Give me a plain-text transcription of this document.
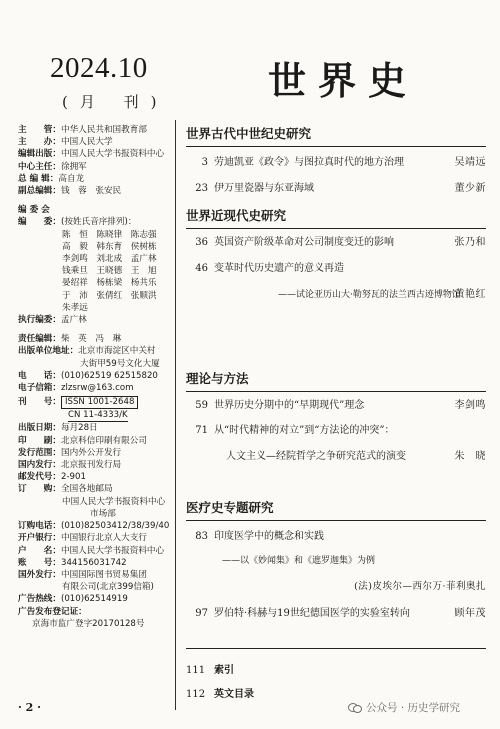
2024.10
(月 刊)	世界史
主　　管： 中华人民共和国教育部
主　　办： 中国人民大学
编辑出版： 中国人民大学书报资料中心
中心主任： 徐拥军
总 编 辑： 高自龙
副总编辑： 钱　蓉　张安民
编 委 会
编　　委： (按姓氏音序排列)：
陈　恒　陈晓律　陈志强
高　毅　韩东育　侯树栋
李剑鸣　刘北成　孟广林
钱乘旦　王晓德　王　旭
晏绍祥　杨栋梁　杨共乐
于　沛　张倩红　张顺洪
朱孝远
执行编委： 孟广林
责任编辑： 柴　英　冯　琳
出版单位地址： 北京市海淀区中关村
大街甲59号文化大厦
电　　话： (010)62519 62515820
电子信箱： zlzsrw@163.com
刊　　号： ISSN 1001-2648
CN 11-4333/K
出版日期： 每月28日
印　　刷： 北京科信印刷有限公司
发行范围： 国内外公开发行
国内发行： 北京报刊发行局
邮发代号： 2-901
订　　购： 全国各地邮局
中国人民大学书报资料中心
市场部
订购电话： (010)82503412/38/39/40
开户银行： 中国银行北京人大支行
户　　名： 中国人民大学书报资料中心
账　　号： 344156031742
国外发行： 中国国际图书贸易集团
有限公司(北京399信箱)
广告热线： (010)62514919
广告发布登记证：
京海市监广登字20170128号
世界古代中世纪史研究
3 劳迪凯亚《政令》与图拉真时代的地方治理	吴靖远
23 伊万里瓷器与东亚海域	董少新
世界近现代史研究
36 英国资产阶级革命对公司制度变迁的影响	张乃和
46 变革时代历史遗产的意义再造
——试论亚历山大·勒努瓦的法兰西古迹博物馆
黄艳红
理论与方法
59 世界历史分期中的“早期现代”理念	李剑鸣
71 从“时代精神的对立”到“方法论的冲突”：
人文主义—经院哲学之争研究范式的演变	朱　晓
医疗史专题研究
83 印度医学中的概念和实践
——以《妙闻集》和《遮罗迦集》为例
(法)皮埃尔—西尔万·菲利奥扎
97 罗伯特·科赫与19世纪德国医学的实验室转向	顾年茂
111 索引
112 英文目录
· 2 ·	公众号 · 历史学研究
